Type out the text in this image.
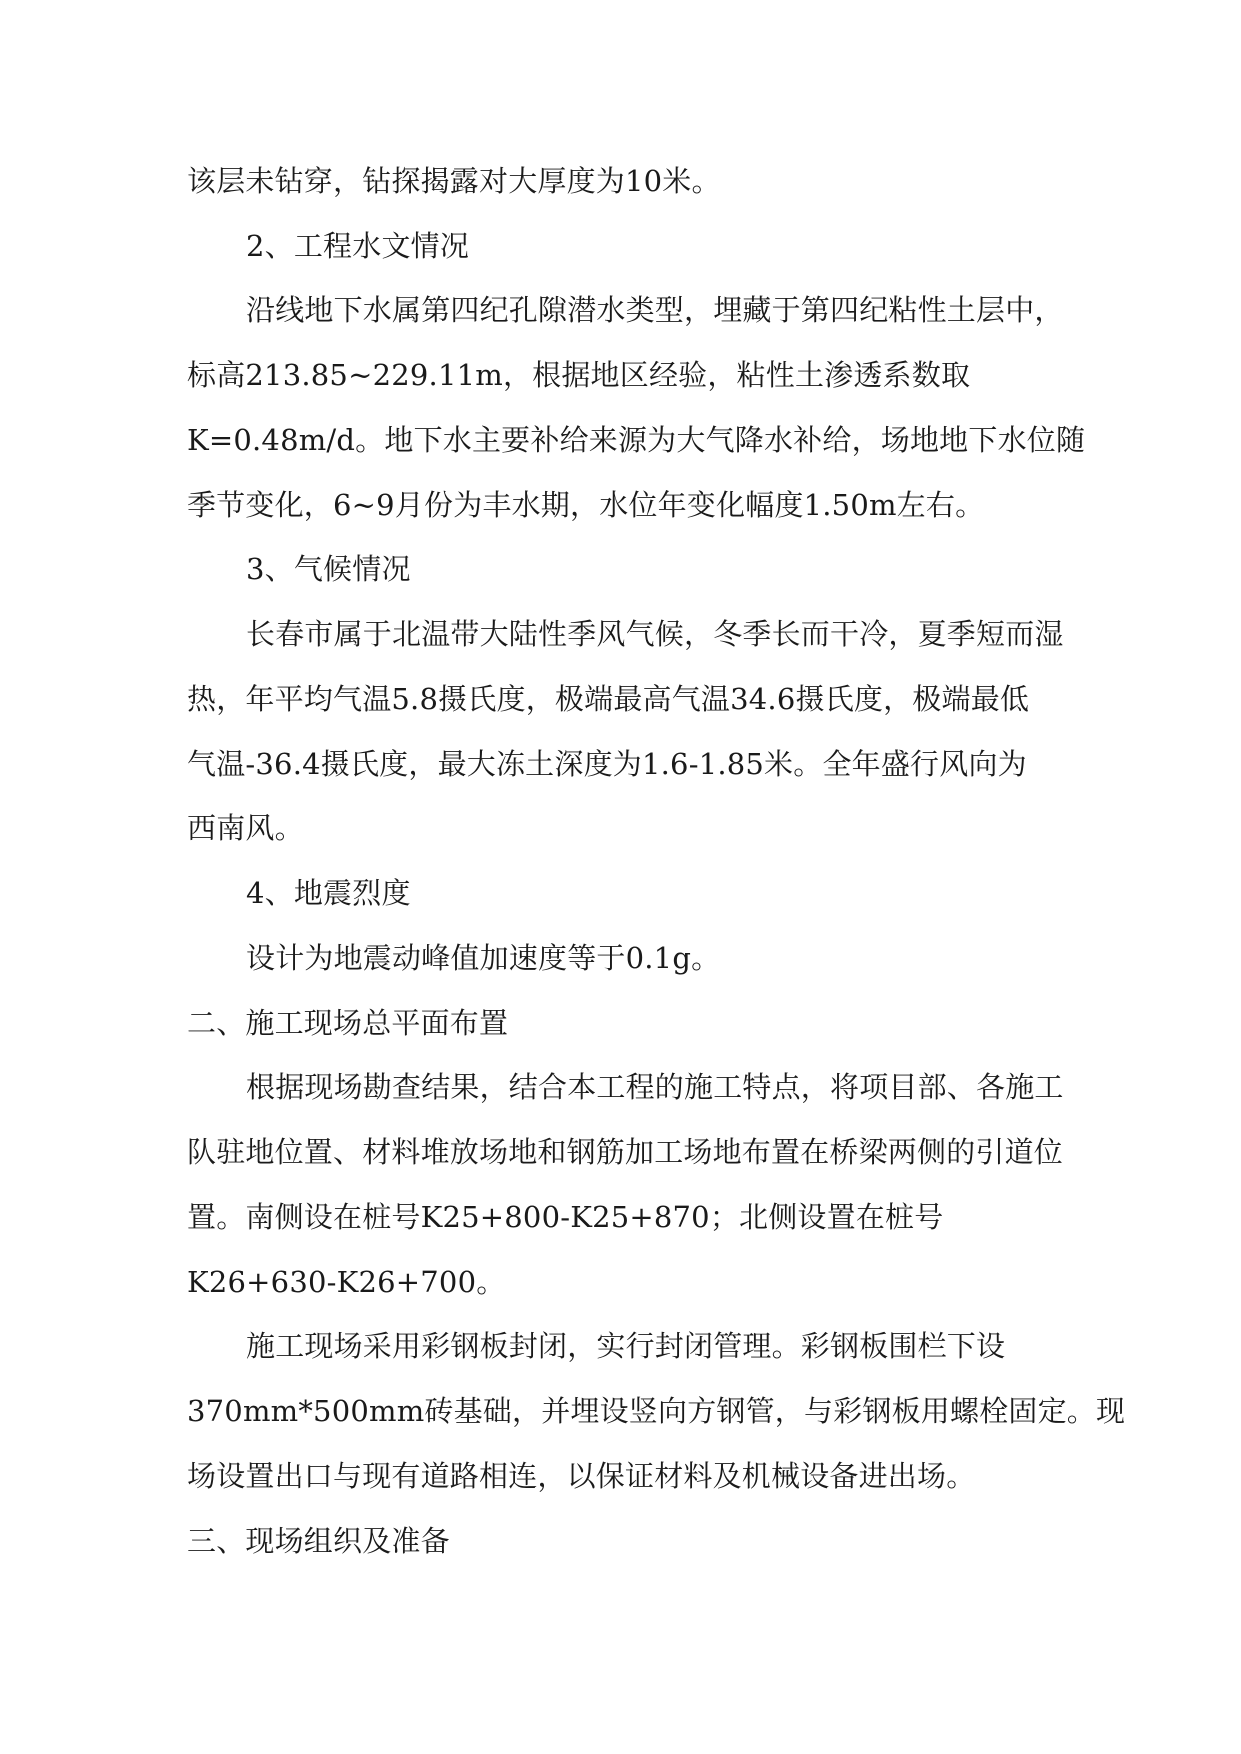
该层未钻穿，钻探揭露对大厚度为10米。
2、工程水文情况
沿线地下水属第四纪孔隙潜水类型，埋藏于第四纪粘性土层中，
标高213.85~229.11m，根据地区经验，粘性土渗透系数取
K=0.48m/d。地下水主要补给来源为大气降水补给，场地地下水位随
季节变化，6~9月份为丰水期，水位年变化幅度1.50m左右。
3、气候情况
长春市属于北温带大陆性季风气候，冬季长而干冷，夏季短而湿
热，年平均气温5.8摄氏度，极端最高气温34.6摄氏度，极端最低
气温-36.4摄氏度，最大冻土深度为1.6-1.85米。全年盛行风向为
西南风。
4、地震烈度
设计为地震动峰值加速度等于0.1g。
二、施工现场总平面布置
根据现场勘查结果，结合本工程的施工特点，将项目部、各施工
队驻地位置、材料堆放场地和钢筋加工场地布置在桥梁两侧的引道位
置。南侧设在桩号K25+800-K25+870；北侧设置在桩号
K26+630-K26+700。
施工现场采用彩钢板封闭，实行封闭管理。彩钢板围栏下设
370mm*500mm砖基础，并埋设竖向方钢管，与彩钢板用螺栓固定。现
场设置出口与现有道路相连，以保证材料及机械设备进出场。
三、现场组织及准备
